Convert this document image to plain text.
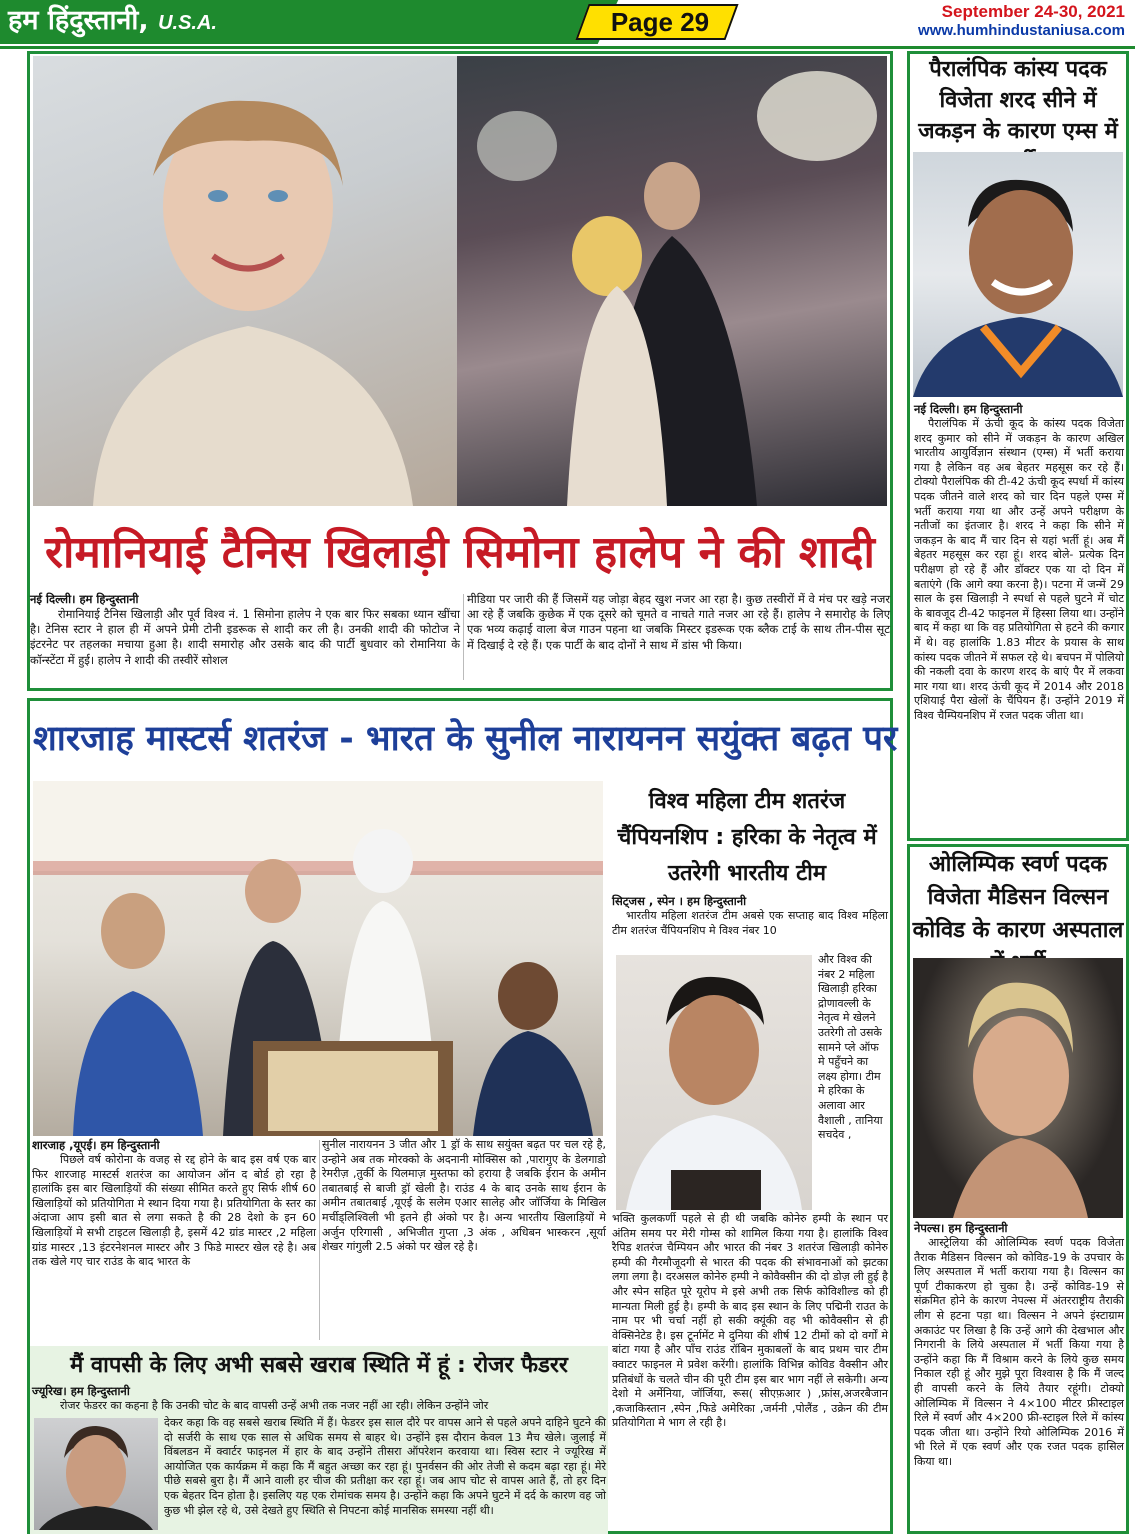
हम हिंदुस्तानी, U.S.A.	Page 29	September 24-30, 2021
www.humhindustaniusa.com
रोमानियाई टैनिस खिलाड़ी सिमोना हालेप ने की शादी
नई दिल्ली। हम हिन्दुस्तानी

रोमानियाई टैनिस खिलाड़ी और पूर्व विश्व नं. 1 सिमोना हालेप ने एक बार फिर सबका ध्यान खींचा है। टेनिस स्टार ने हाल ही में अपने प्रेमी टोनी इडरूक से शादी कर ली है। उनकी शादी की फोटोज ने इंटरनेट पर तहलका मचाया हुआ है। शादी समारोह और उसके बाद की पार्टी बुधवार को रोमानिया के कॉन्स्टेंटा में हुई। हालेप ने शादी की तस्वीरें सोशल

मीडिया पर जारी की हैं जिसमें यह जोड़ा बेहद खुश नजर आ रहा है। कुछ तस्वीरों में वे मंच पर खड़े नजर आ रहे हैं जबकि कुछेक में एक दूसरे को चूमते व नाचते गाते नजर आ रहे हैं। हालेप ने समारोह के लिए एक भव्य कढ़ाई वाला बेज गाउन पहना था जबकि मिस्टर इडरूक एक ब्लैक टाई के साथ तीन-पीस सूट में दिखाई दे रहे हैं। एक पार्टी के बाद दोनों ने साथ में डांस भी किया।

पैरालंपिक कांस्य पदक विजेता शरद सीने में जकड़न के कारण एम्स में
नई दिल्ली। हम हिन्दुस्तानी

पैरालंपिक में ऊंची कूद के कांस्य पदक विजेता शरद कुमार को सीने में जकड़न के कारण अखिल भारतीय आयुर्विज्ञान संस्थान (एम्स) में भर्ती कराया गया है लेकिन वह अब बेहतर महसूस कर रहे हैं। टोक्यो पैरालंपिक की टी-42 ऊंची कूद स्पर्धा में कांस्य पदक जीतने वाले शरद को चार दिन पहले एम्स में भर्ती कराया गया था और उन्हें अपने परीक्षण के नतीजों का इंतजार है। शरद ने कहा कि सीने में जकड़न के बाद मैं चार दिन से यहां भर्ती हूं। अब मैं बेहतर महसूस कर रहा हूं। शरद बोले- प्रत्येक दिन परीक्षण हो रहे हैं और डॉक्टर एक या दो दिन में बताएंगे (कि आगे क्या करना है)। पटना में जन्में 29 साल के इस खिलाड़ी ने स्पर्धा से पहले घुटने में चोट के बावजूद टी-42 फाइनल में हिस्सा लिया था। उन्होंने बाद में कहा था कि वह प्रतियोगिता से हटने की कगार में थे। वह हालांकि 1.83 मीटर के प्रयास के साथ कांस्य पदक जीतने में सफल रहे थे। बचपन में पोलियो की नकली दवा के कारण शरद के बाएं पैर में लकवा मार गया था। शरद ऊंची कूद में 2014 और 2018 एशियाई पैरा खेलों के चैंपियन हैं। उन्होंने 2019 में विश्व चैम्पियनशिप में रजत पदक जीता था।

ओलिम्पिक स्वर्ण पदक विजेता मैडिसन विल्सन कोविड के कारण अस्पताल
नेपल्स। हम हिन्दुस्तानी

आस्ट्रेलिया की ओलिम्पिक स्वर्ण पदक विजेता तैराक मैडिसन विल्सन को कोविड-19 के उपचार के लिए अस्पताल में भर्ती कराया गया है। विल्सन का पूर्ण टीकाकरण हो चुका है। उन्हें कोविड-19 से संक्रमित होने के कारण नेपल्स में अंतरराष्ट्रीय तैराकी लीग से हटना पड़ा था। विल्सन ने अपने इंस्टाग्राम अकाउंट पर लिखा है कि उन्हें आगे की देखभाल और निगरानी के लिये अस्पताल में भर्ती किया गया है उन्होंने कहा कि मैं विश्राम करने के लिये कुछ समय निकाल रही हूं और मुझे पूरा विश्वास है कि मैं जल्द ही वापसी करने के लिये तैयार रहूंगी। टोक्यो ओलिम्पिक में विल्सन ने 4×100 मीटर फ्रीस्टाइल रिले में स्वर्ण और 4×200 फ्री-स्टाइल रिले में कांस्य पदक जीता था। उन्होंने रियो ओलिम्पिक 2016 में भी रिले में एक स्वर्ण और एक रजत पदक हासिल किया था।

शारजाह मास्टर्स शतरंज - भारत के सुनील नारायनन सयुंक्त बढ़त पर
विश्व महिला टीम शतरंज चैंपियनशिप : हरिका के नेतृत्व में उतरेगी भारतीय टीम
सिट्जस , स्पेन । हम हिन्दुस्तानी

भारतीय महिला शतरंज टीम अबसे एक सप्ताह बाद विश्व महिला टीम शतरंज चैंपियनशिप मे विश्व नंबर 10

और विश्व की नंबर 2 महिला खिलाड़ी हरिका द्रोणावल्ली के नेतृत्व मे खेलने उतरेगी तो उसके सामने प्ले ऑफ मे पहुँचने का लक्ष्य होगा। टीम मे हरिका के अलावा आर वैशाली , तानिया सचदेव ,

भक्ति कुलकर्णी पहले से ही थी जबकि कोनेरु हम्पी के स्थान पर अंतिम समय पर मेरी गोम्स को शामिल किया गया है। हालांकि विश्व रैपिड शतरंज चैम्पियन और भारत की नंबर 3 शतरंज खिलाड़ी कोनेरु हम्पी की गैरमौजूदगी से भारत की पदक की संभावनाओं को झटका लगा लगा है। दरअसल कोनेरु हम्पी ने कोवैक्सीन की दो डोज़ ली हुई है और स्पेन सहित पूरे यूरोप मे इसे अभी तक सिर्फ कोविशील्ड को ही मान्यता मिली हुई है। हम्पी के बाद इस स्थान के लिए पद्मिनी राउत के नाम पर भी चर्चा नहीं हो सकी क्यूंकी वह भी कोवैक्सीन से ही वेक्सिनेटेड है। इस टूर्नामेंट मे दुनिया की शीर्ष 12 टीमों को दो वर्गों मे बांटा गया है और पाँच राउंड रॉबिन मुकाबलों के बाद प्रथम चार टीम क्वाटर फाइनल मे प्रवेश करेंगी। हालांकि विभिन्न कोविड वैक्सीन और प्रतिबंधों के चलते चीन की पूरी टीम इस बार भाग नहीं ले सकेगी। अन्य देशो मे अर्मेनिया, जॉर्जिया, रूस( सीएफ़आर ) ,फ्रांस,अजरबैजान ,कजाकिस्तान ,स्पेन ,फिडे अमेरिका ,जर्मनी ,पोलैंड , उक्रेन की टीम प्रतियोगिता मे भाग ले रही है।

शारजाह ,यूएई। हम हिन्दुस्तानी

पिछले वर्ष कोरोना के वजह से रद्द होने के बाद इस वर्ष एक बार फिर शारजाह मास्टर्स शतरंज का आयोजन ऑन द बोर्ड हो रहा है हालांकि इस बार खिलाड़ियों की संख्या सीमित करते हुए सिर्फ शीर्ष 60 खिलाड़ियों को प्रतियोगिता मे स्थान दिया गया है। प्रतियोगिता के स्तर का अंदाजा आप इसी बात से लगा सकते है की 28 देशो के इन 60 खिलाड़ियों मे सभी टाइटल खिलाड़ी है, इसमें 42 ग्रांड मास्टर ,2 महिला ग्रांड मास्टर ,13 इंटरनेशनल मास्टर और 3 फिडे मास्टर खेल रहे है। अब तक खेले गए चार राउंड के बाद भारत के

सुनील नारायनन 3 जीत और 1 ड्रॉ के साथ सयुंक्त बढ़त पर चल रहे है, उन्होने अब तक मोरक्को के अदनानी मोक्सिस को ,पारागुए के डेलगाडो रेमरीज़ ,तुर्की के यिलमाज़ मुस्तफा को हराया है जबकि ईरान के अमीन तबातबाई से बाजी ड्रॉ खेली है। राउंड 4 के बाद उनके साथ ईरान के अमीन तबातबाई ,यूएई के सलेम एआर सालेह और जॉर्जिया के मिखिल मर्चीड्लिश्विली भी इतने ही अंको पर है। अन्य भारतीय खिलाड़ियों मे अर्जुन एरिगासी , अभिजीत गुप्ता ,3 अंक , अधिबन भास्करन ,सूर्या शेखर गांगुली 2.5 अंको पर खेल रहे है।

मैं वापसी के लिए अभी सबसे खराब स्थिति में हूं : रोजर फैडरर
ज्यूरिख। हम हिन्दुस्तानी

रोजर फेडरर का कहना है कि उनकी चोट के बाद वापसी उन्हें अभी तक नजर नहीं आ रही। लेकिन उन्होंने जोर

देकर कहा कि वह सबसे खराब स्थिति में हैं। फेडरर इस साल दौरे पर वापस आने से पहले अपने दाहिने घुटने की दो सर्जरी के साथ एक साल से अधिक समय से बाहर थे। उन्होंने इस दौरान केवल 13 मैच खेले। जुलाई में विंबलडन में क्वार्टर फाइनल में हार के बाद उन्होंने तीसरा ऑपरेशन करवाया था। स्विस स्टार ने ज्यूरिख में आयोजित एक कार्यक्रम में कहा कि मैं बहुत अच्छा कर रहा हूं। पुनर्वसन की ओर तेजी से कदम बढ़ा रहा हूं। मेरे पीछे सबसे बुरा है। मैं आने वाली हर चीज की प्रतीक्षा कर रहा हूं। जब आप चोट से वापस आते हैं, तो हर दिन एक बेहतर दिन होता है। इसलिए यह एक रोमांचक समय है। उन्होंने कहा कि अपने घुटने में दर्द के कारण वह जो कुछ भी झेल रहे थे, उसे देखते हुए स्थिति से निपटना कोई मानसिक समस्या नहीं थी।
